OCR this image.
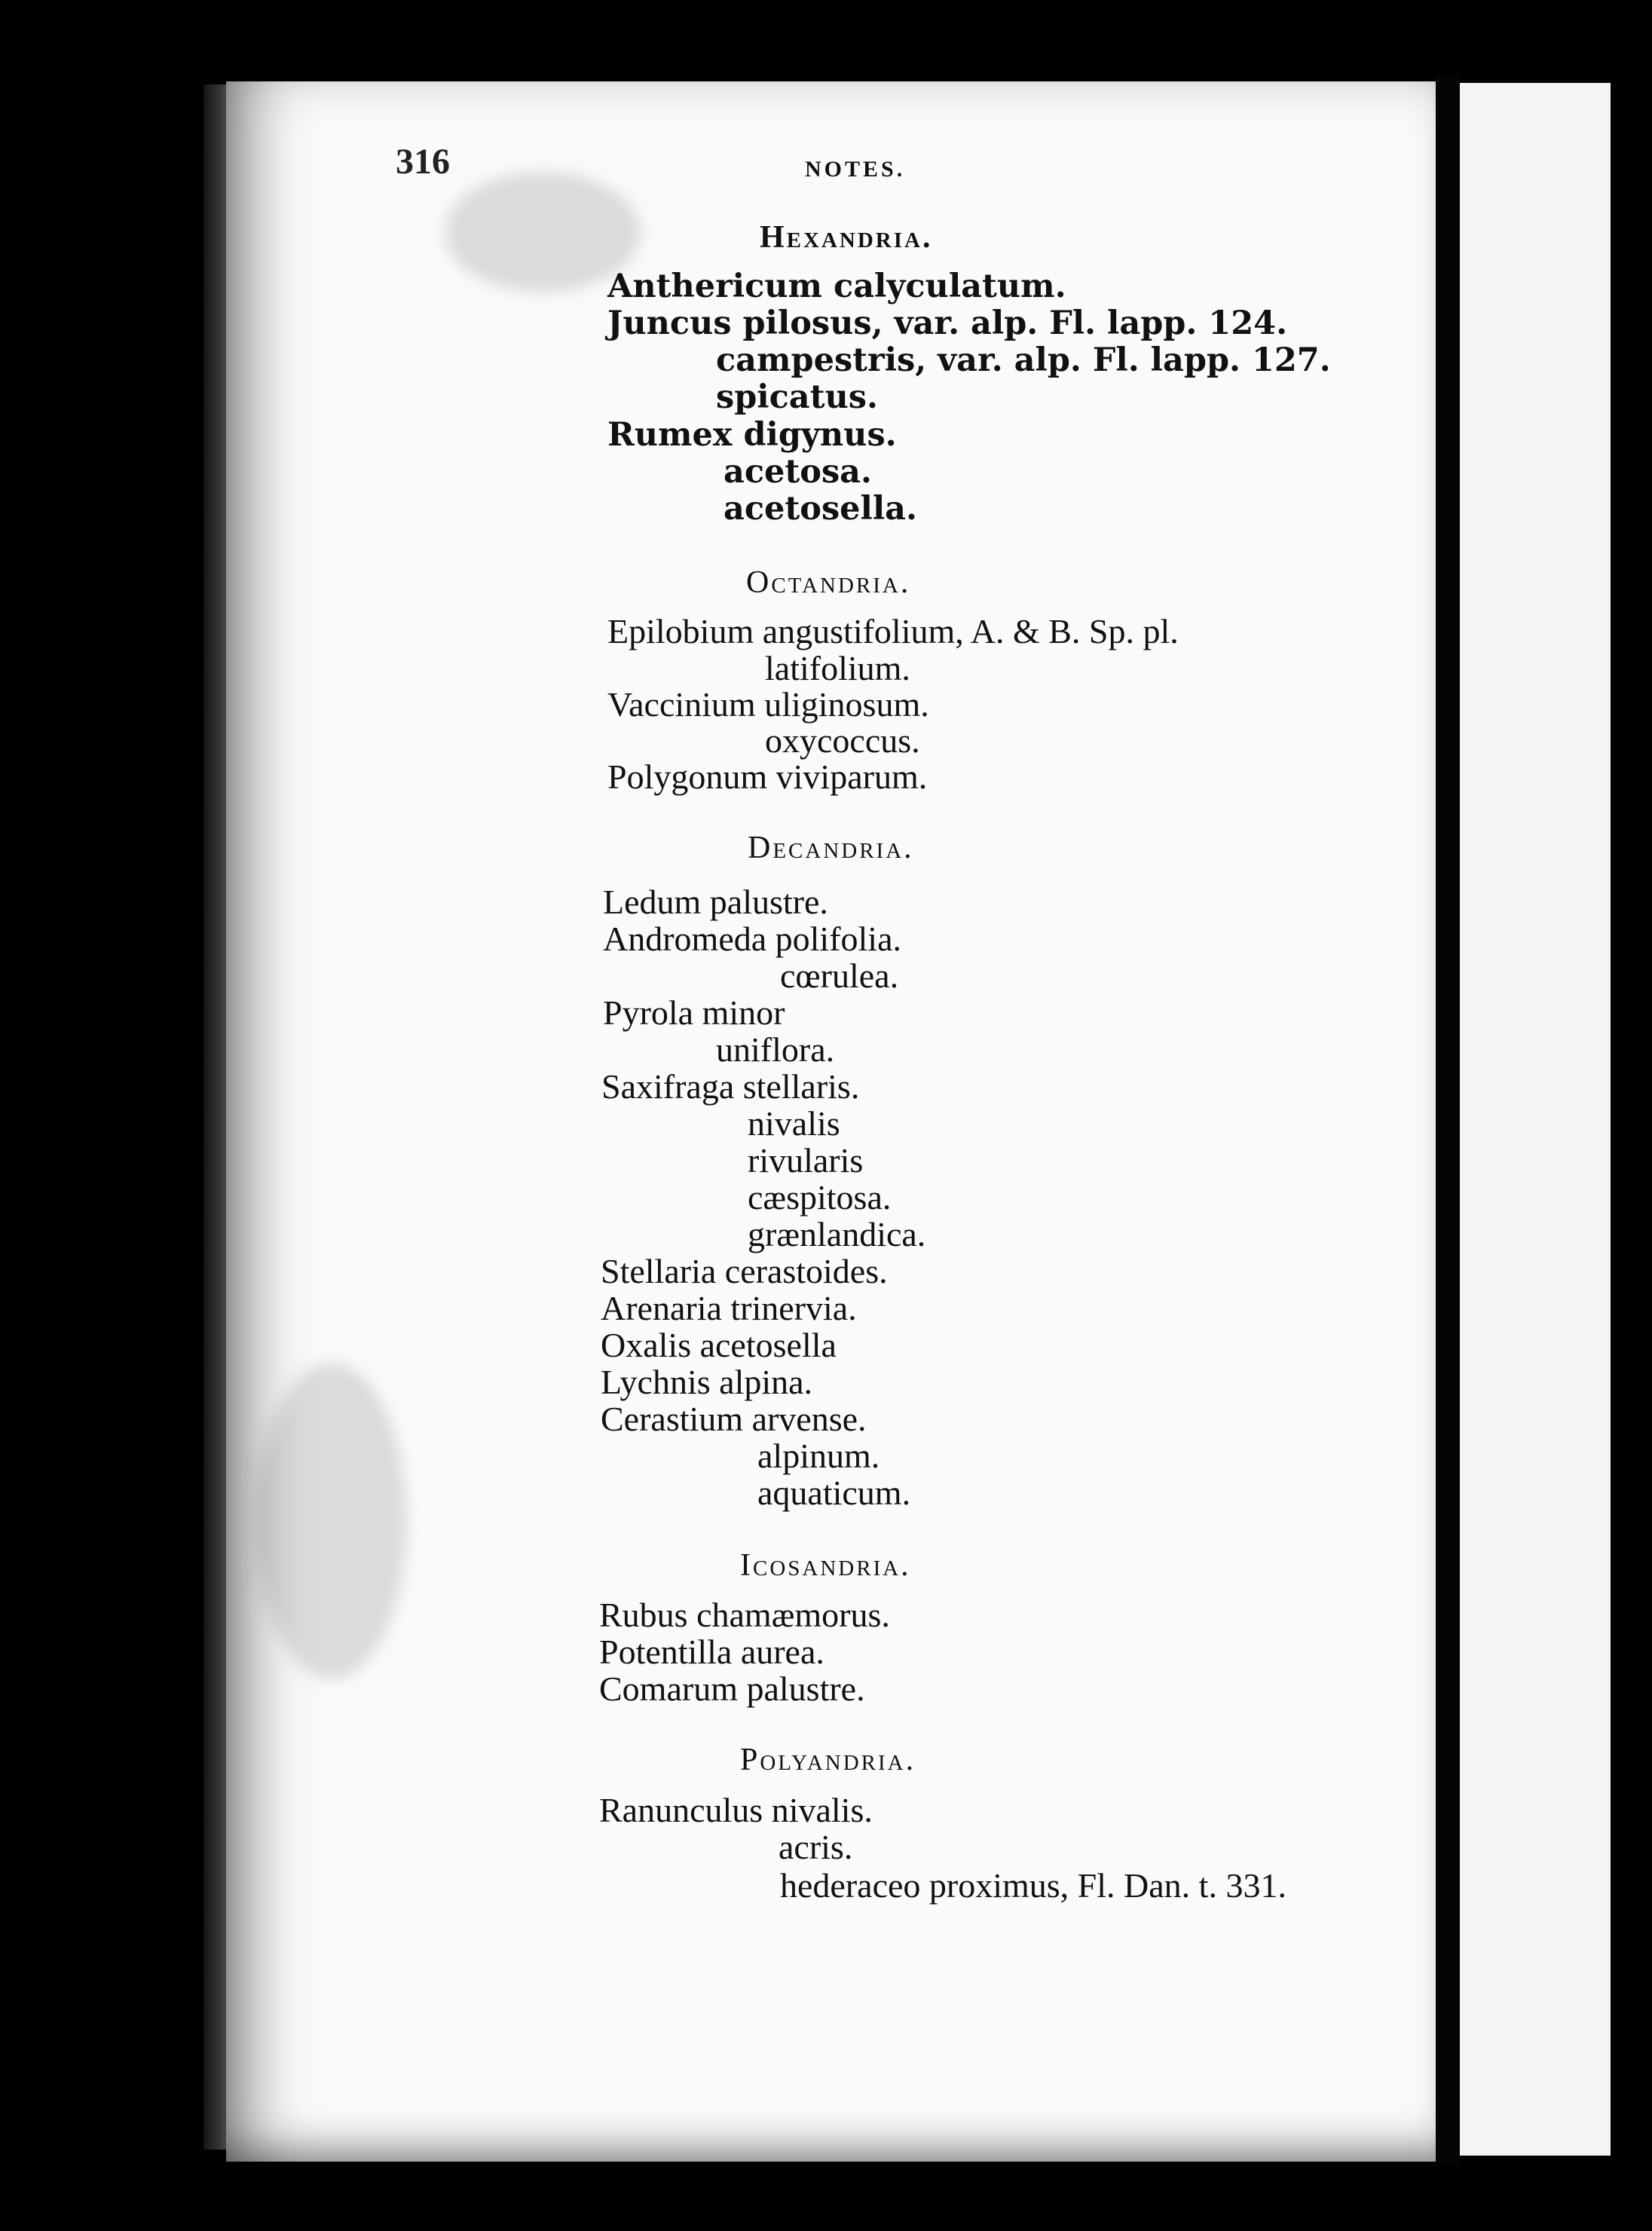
316	NOTES.
Hexandria.
Anthericum calyculatum.
Juncus pilosus, var. alp. Fl. lapp. 124.
campestris, var. alp. Fl. lapp. 127.
spicatus.
Rumex digynus.
acetosa.
acetosella.
Octandria.
Epilobium angustifolium, A. & B. Sp. pl.
latifolium.
Vaccinium uliginosum.
oxycoccus.
Polygonum viviparum.
Decandria.
Ledum palustre.
Andromeda polifolia.
cœrulea.
Pyrola minor
uniflora.
Saxifraga stellaris.
nivalis
rivularis
cæspitosa.
grænlandica.
Stellaria cerastoides.
Arenaria trinervia.
Oxalis acetosella
Lychnis alpina.
Cerastium arvense.
alpinum.
aquaticum.
Icosandria.
Rubus chamæmorus.
Potentilla aurea.
Comarum palustre.
Polyandria.
Ranunculus nivalis.
acris.
hederaceo proximus, Fl. Dan. t. 331.
